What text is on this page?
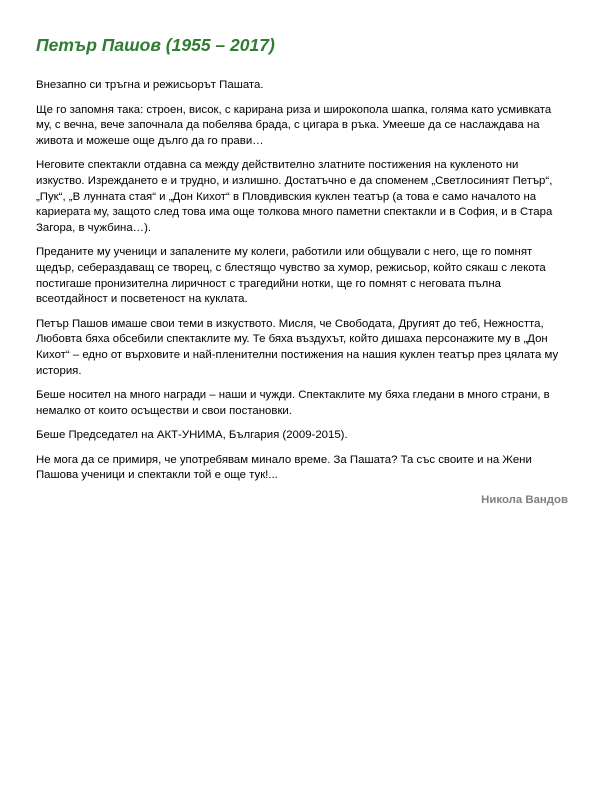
Петър Пашов (1955 – 2017)

Внезапно си тръгна и режисьорът Пашата.

Ще го запомня така: строен, висок, с карирана риза и широкопола шапка, голяма като усмивката му, с вечна, вече започнала да побелява брада, с цигара в ръка. Умееше да се наслаждава на живота и можеше още дълго да го прави…

Неговите спектакли отдавна са между действително златните постижения на кукленото ни изкуство. Изреждането е и трудно, и излишно. Достатъчно е да споменем „Светлосиният Петър“, „Пук“, „В лунната стая“ и „Дон Кихот“ в Пловдивския куклен театър (а това е само началото на кариерата му, защото след това има още толкова много паметни спектакли и в София, и в Стара Загора, в чужбина…).

Преданите му ученици и запалените му колеги, работили или общували с него, ще го помнят щедър, себераздаващ се творец, с блестящо чувство за хумор, режисьор, който сякаш с лекота постигаше пронизителна лиричност с трагедийни нотки, ще го помнят с неговата пълна всеотдайност и посветеност на куклата.

Петър Пашов имаше свои теми в изкуството. Мисля, че Свободата, Другият до теб, Нежността, Любовта бяха обсебили спектаклите му. Те бяха въздухът, който дишаха персонажите му в „Дон Кихот“ – едно от върховите и най-пленителни постижения на нашия куклен театър през цялата му история.

Беше носител на много награди – наши и чужди. Спектаклите му бяха гледани в много страни, в немалко от които осъществи и свои постановки.

Беше Председател на АКТ-УНИМА, България (2009-2015).

Не мога да се примиря, че употребявам минало време. За Пашата? Та със своите и на Жени Пашова ученици и спектакли той е още тук!...

Никола Вандов
